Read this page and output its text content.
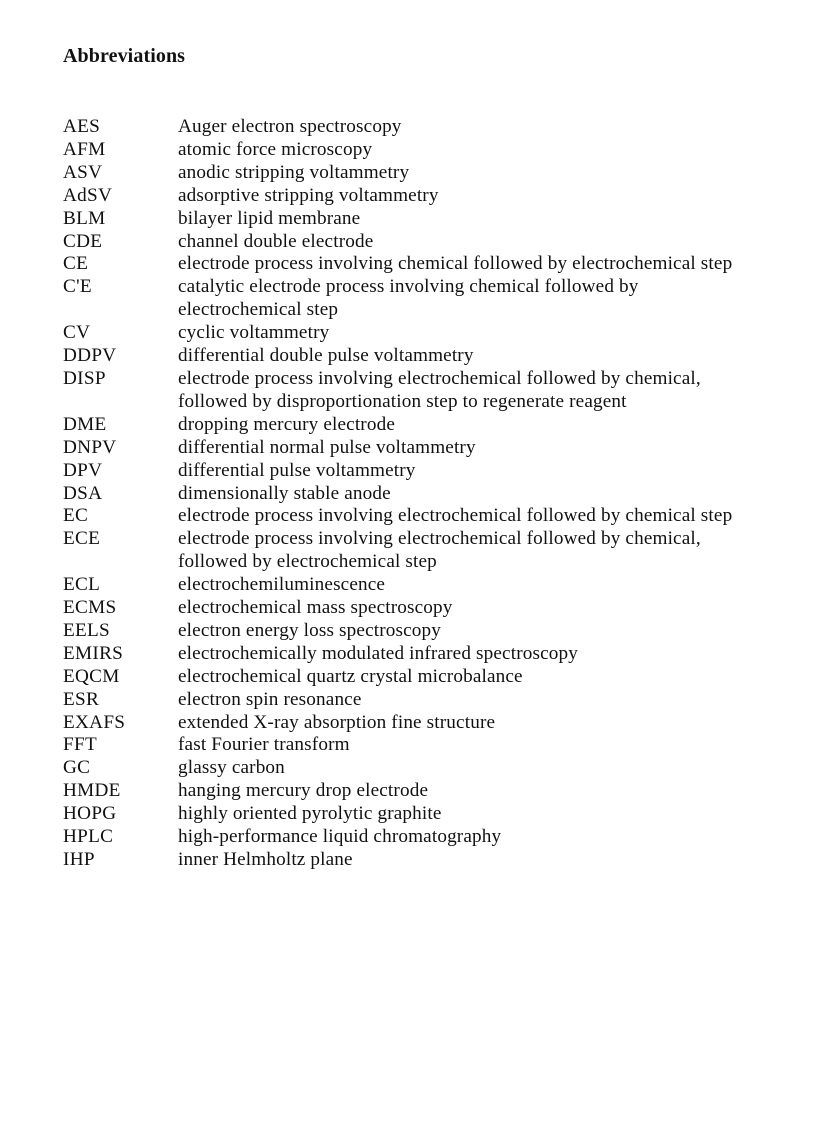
Abbreviations
AES	Auger electron spectroscopy
AFM	atomic force microscopy
ASV	anodic stripping voltammetry
AdSV	adsorptive stripping voltammetry
BLM	bilayer lipid membrane
CDE	channel double electrode
CE	electrode process involving chemical followed by electrochemical step
C'E	catalytic electrode process involving chemical followed by electrochemical step
CV	cyclic voltammetry
DDPV	differential double pulse voltammetry
DISP	electrode process involving electrochemical followed by chemical, followed by disproportionation step to regenerate reagent
DME	dropping mercury electrode
DNPV	differential normal pulse voltammetry
DPV	differential pulse voltammetry
DSA	dimensionally stable anode
EC	electrode process involving electrochemical followed by chemical step
ECE	electrode process involving electrochemical followed by chemical, followed by electrochemical step
ECL	electrochemiluminescence
ECMS	electrochemical mass spectroscopy
EELS	electron energy loss spectroscopy
EMIRS	electrochemically modulated infrared spectroscopy
EQCM	electrochemical quartz crystal microbalance
ESR	electron spin resonance
EXAFS	extended X-ray absorption fine structure
FFT	fast Fourier transform
GC	glassy carbon
HMDE	hanging mercury drop electrode
HOPG	highly oriented pyrolytic graphite
HPLC	high-performance liquid chromatography
IHP	inner Helmholtz plane
